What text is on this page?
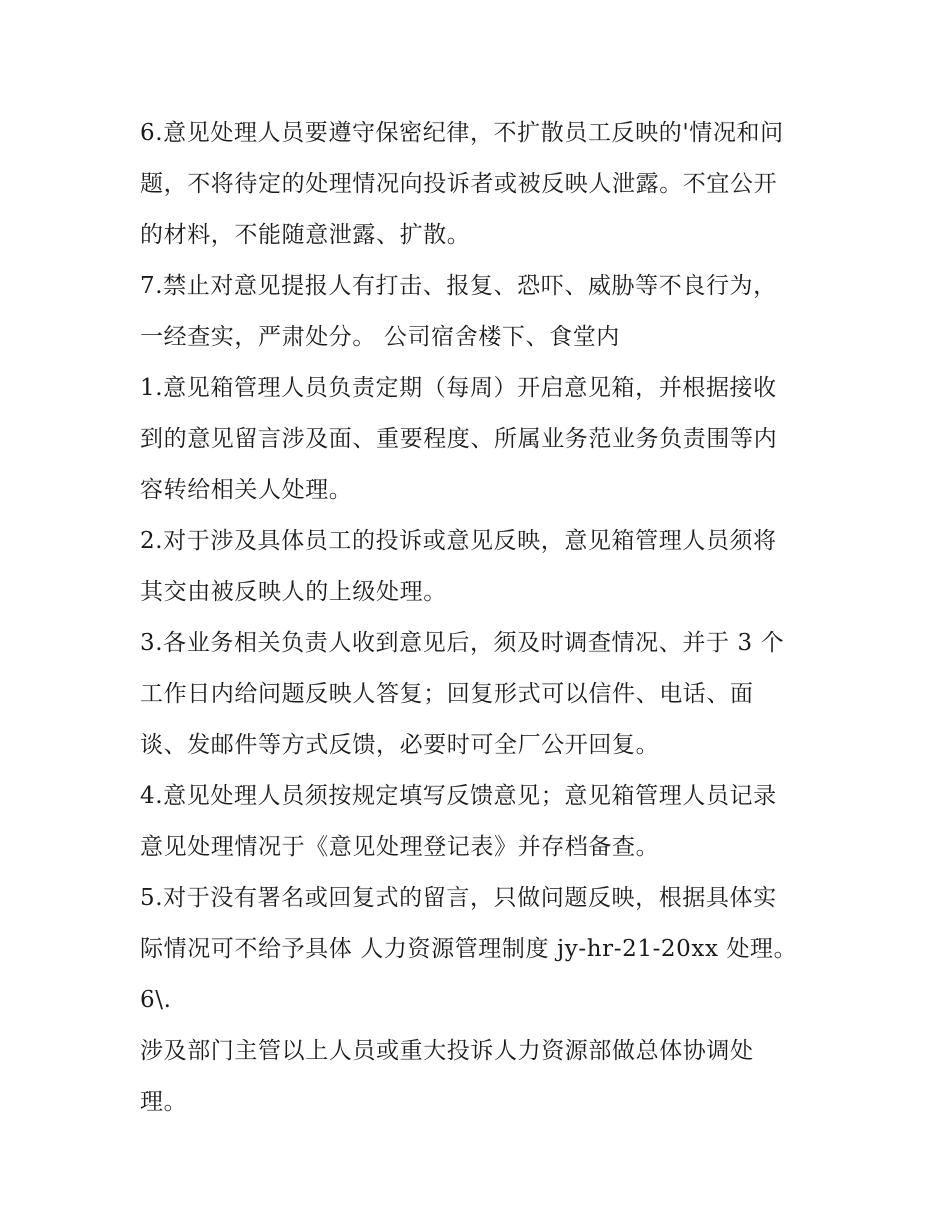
6.意见处理人员要遵守保密纪律，不扩散员工反映的'情况和问
题，不将待定的处理情况向投诉者或被反映人泄露。不宜公开
的材料，不能随意泄露、扩散。
7.禁止对意见提报人有打击、报复、恐吓、威胁等不良行为，
一经查实，严肃处分。 公司宿舍楼下、食堂内
1.意见箱管理人员负责定期（每周）开启意见箱，并根据接收
到的意见留言涉及面、重要程度、所属业务范业务负责围等内
容转给相关人处理。
2.对于涉及具体员工的投诉或意见反映，意见箱管理人员须将
其交由被反映人的上级处理。
3.各业务相关负责人收到意见后，须及时调查情况、并于 3 个
工作日内给问题反映人答复；回复形式可以信件、电话、面
谈、发邮件等方式反馈，必要时可全厂公开回复。
4.意见处理人员须按规定填写反馈意见；意见箱管理人员记录
意见处理情况于《意见处理登记表》并存档备查。
5.对于没有署名或回复式的留言，只做问题反映，根据具体实
际情况可不给予具体 人力资源管理制度 jy-hr-21-20xx 处理。
6\.
涉及部门主管以上人员或重大投诉人力资源部做总体协调处
理。
